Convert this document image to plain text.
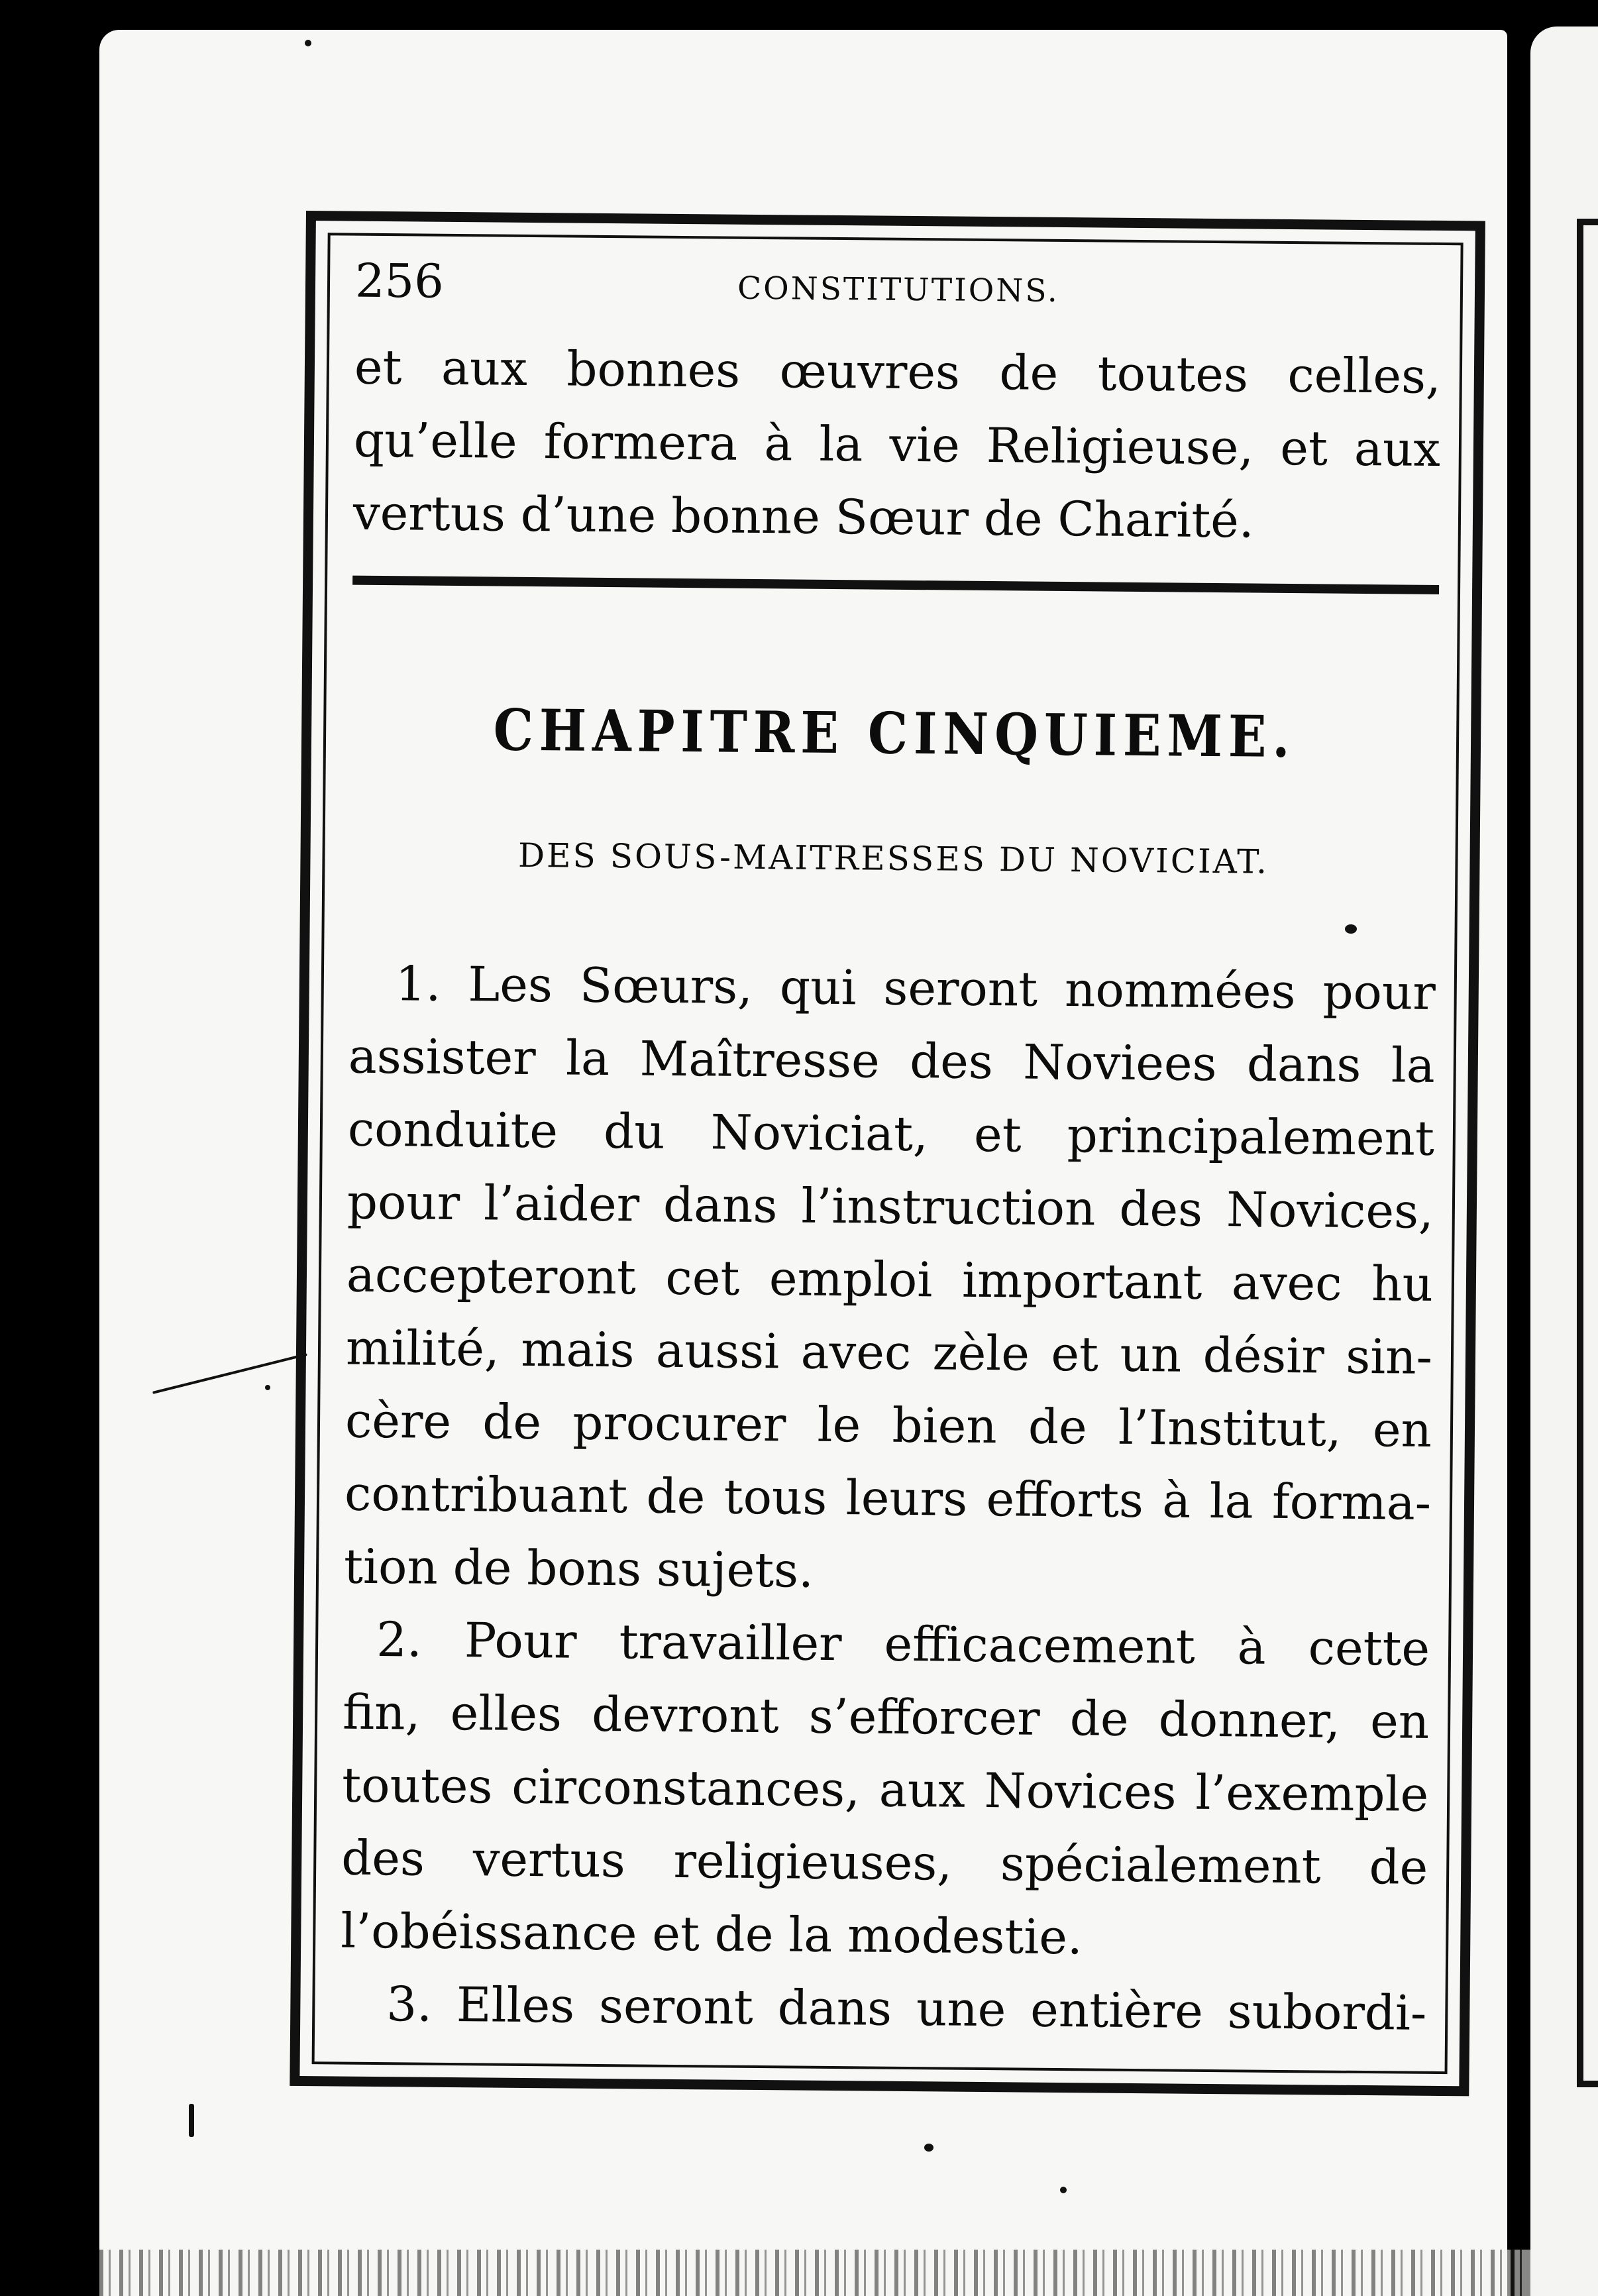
256	CONSTITUTIONS.
et aux bonnes œuvres de toutes celles,
qu’elle formera à la vie Religieuse, et aux
vertus d’une bonne Sœur de Charité.
CHAPITRE CINQUIEME.
DES SOUS-MAITRESSES DU NOVICIAT.
1. Les Sœurs, qui seront nommées pour
assister la Maîtresse des Noviees dans la
conduite du Noviciat, et principalement
pour l’aider dans l’instruction des Novices,
accepteront cet emploi important avec hu
milité, mais aussi avec zèle et un désir sin-
cère de procurer le bien de l’Institut, en
contribuant de tous leurs efforts à la forma-
tion de bons sujets.
2. Pour travailler efficacement à cette
fin, elles devront s’efforcer de donner, en
toutes circonstances, aux Novices l’exemple
des vertus religieuses, spécialement de
l’obéissance et de la modestie.
3. Elles seront dans une entière subordi-
